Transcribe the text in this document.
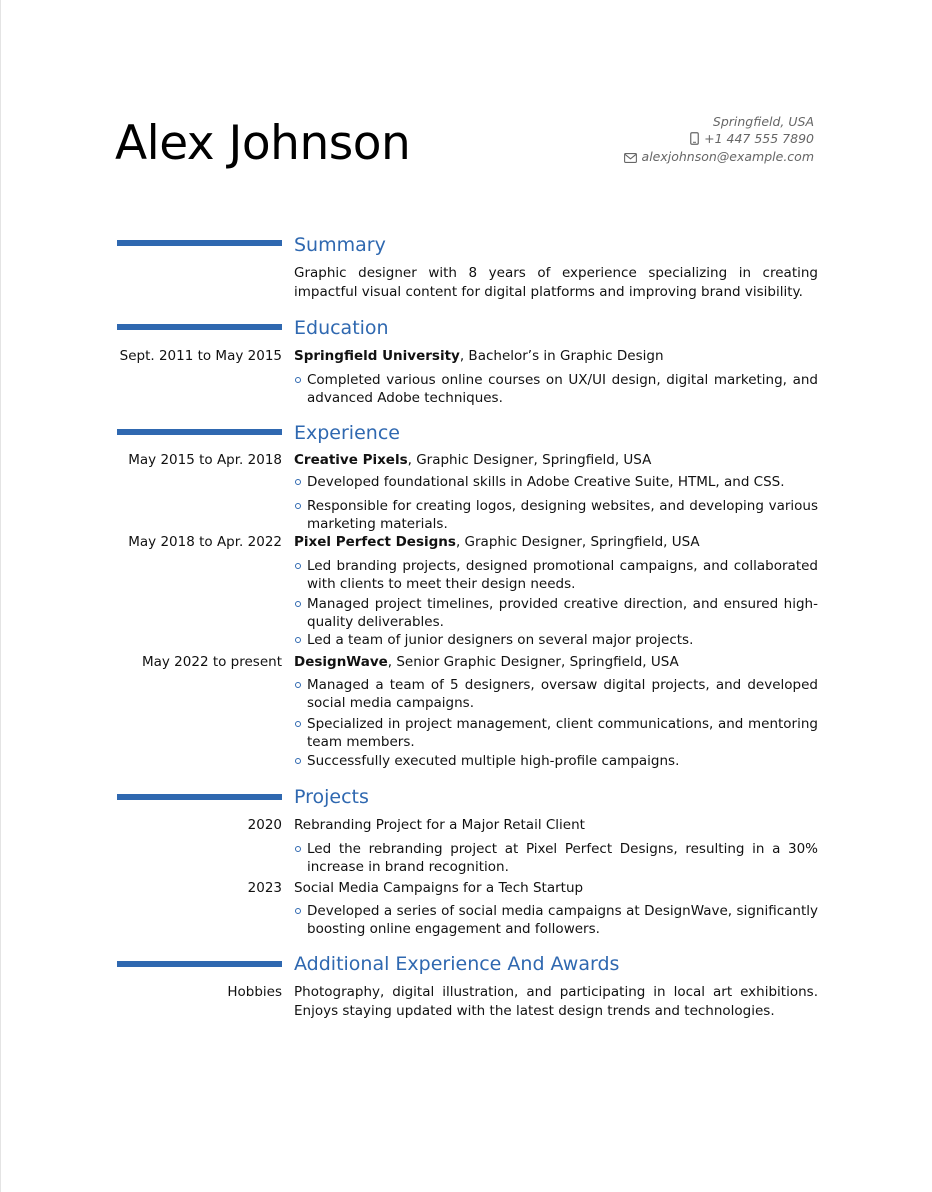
Alex Johnson	Springfield, USA
+1 447 555 7890
alexjohnson@example.com
Summary
Graphic designer with 8 years of experience specializing in creating impactful visual content for digital platforms and improving brand visibility.
Education
Sept. 2011 to May 2015 Springfield University, Bachelor’s in Graphic Design
Completed various online courses on UX/UI design, digital marketing, and advanced Adobe techniques.
Experience
May 2015 to Apr. 2018 Creative Pixels, Graphic Designer, Springfield, USA
Developed foundational skills in Adobe Creative Suite, HTML, and CSS.
Responsible for creating logos, designing websites, and developing various marketing materials.
May 2018 to Apr. 2022 Pixel Perfect Designs, Graphic Designer, Springfield, USA
Led branding projects, designed promotional campaigns, and collaborated with clients to meet their design needs.
Managed project timelines, provided creative direction, and ensured high-quality deliverables.
Led a team of junior designers on several major projects.
May 2022 to present DesignWave, Senior Graphic Designer, Springfield, USA
Managed a team of 5 designers, oversaw digital projects, and developed social media campaigns.
Specialized in project management, client communications, and mentoring team members.
Successfully executed multiple high-profile campaigns.
Projects
2020 Rebranding Project for a Major Retail Client
Led the rebranding project at Pixel Perfect Designs, resulting in a 30% increase in brand recognition.
2023 Social Media Campaigns for a Tech Startup
Developed a series of social media campaigns at DesignWave, significantly boosting online engagement and followers.
Additional Experience And Awards
Hobbies Photography, digital illustration, and participating in local art exhibitions. Enjoys staying updated with the latest design trends and technologies.
